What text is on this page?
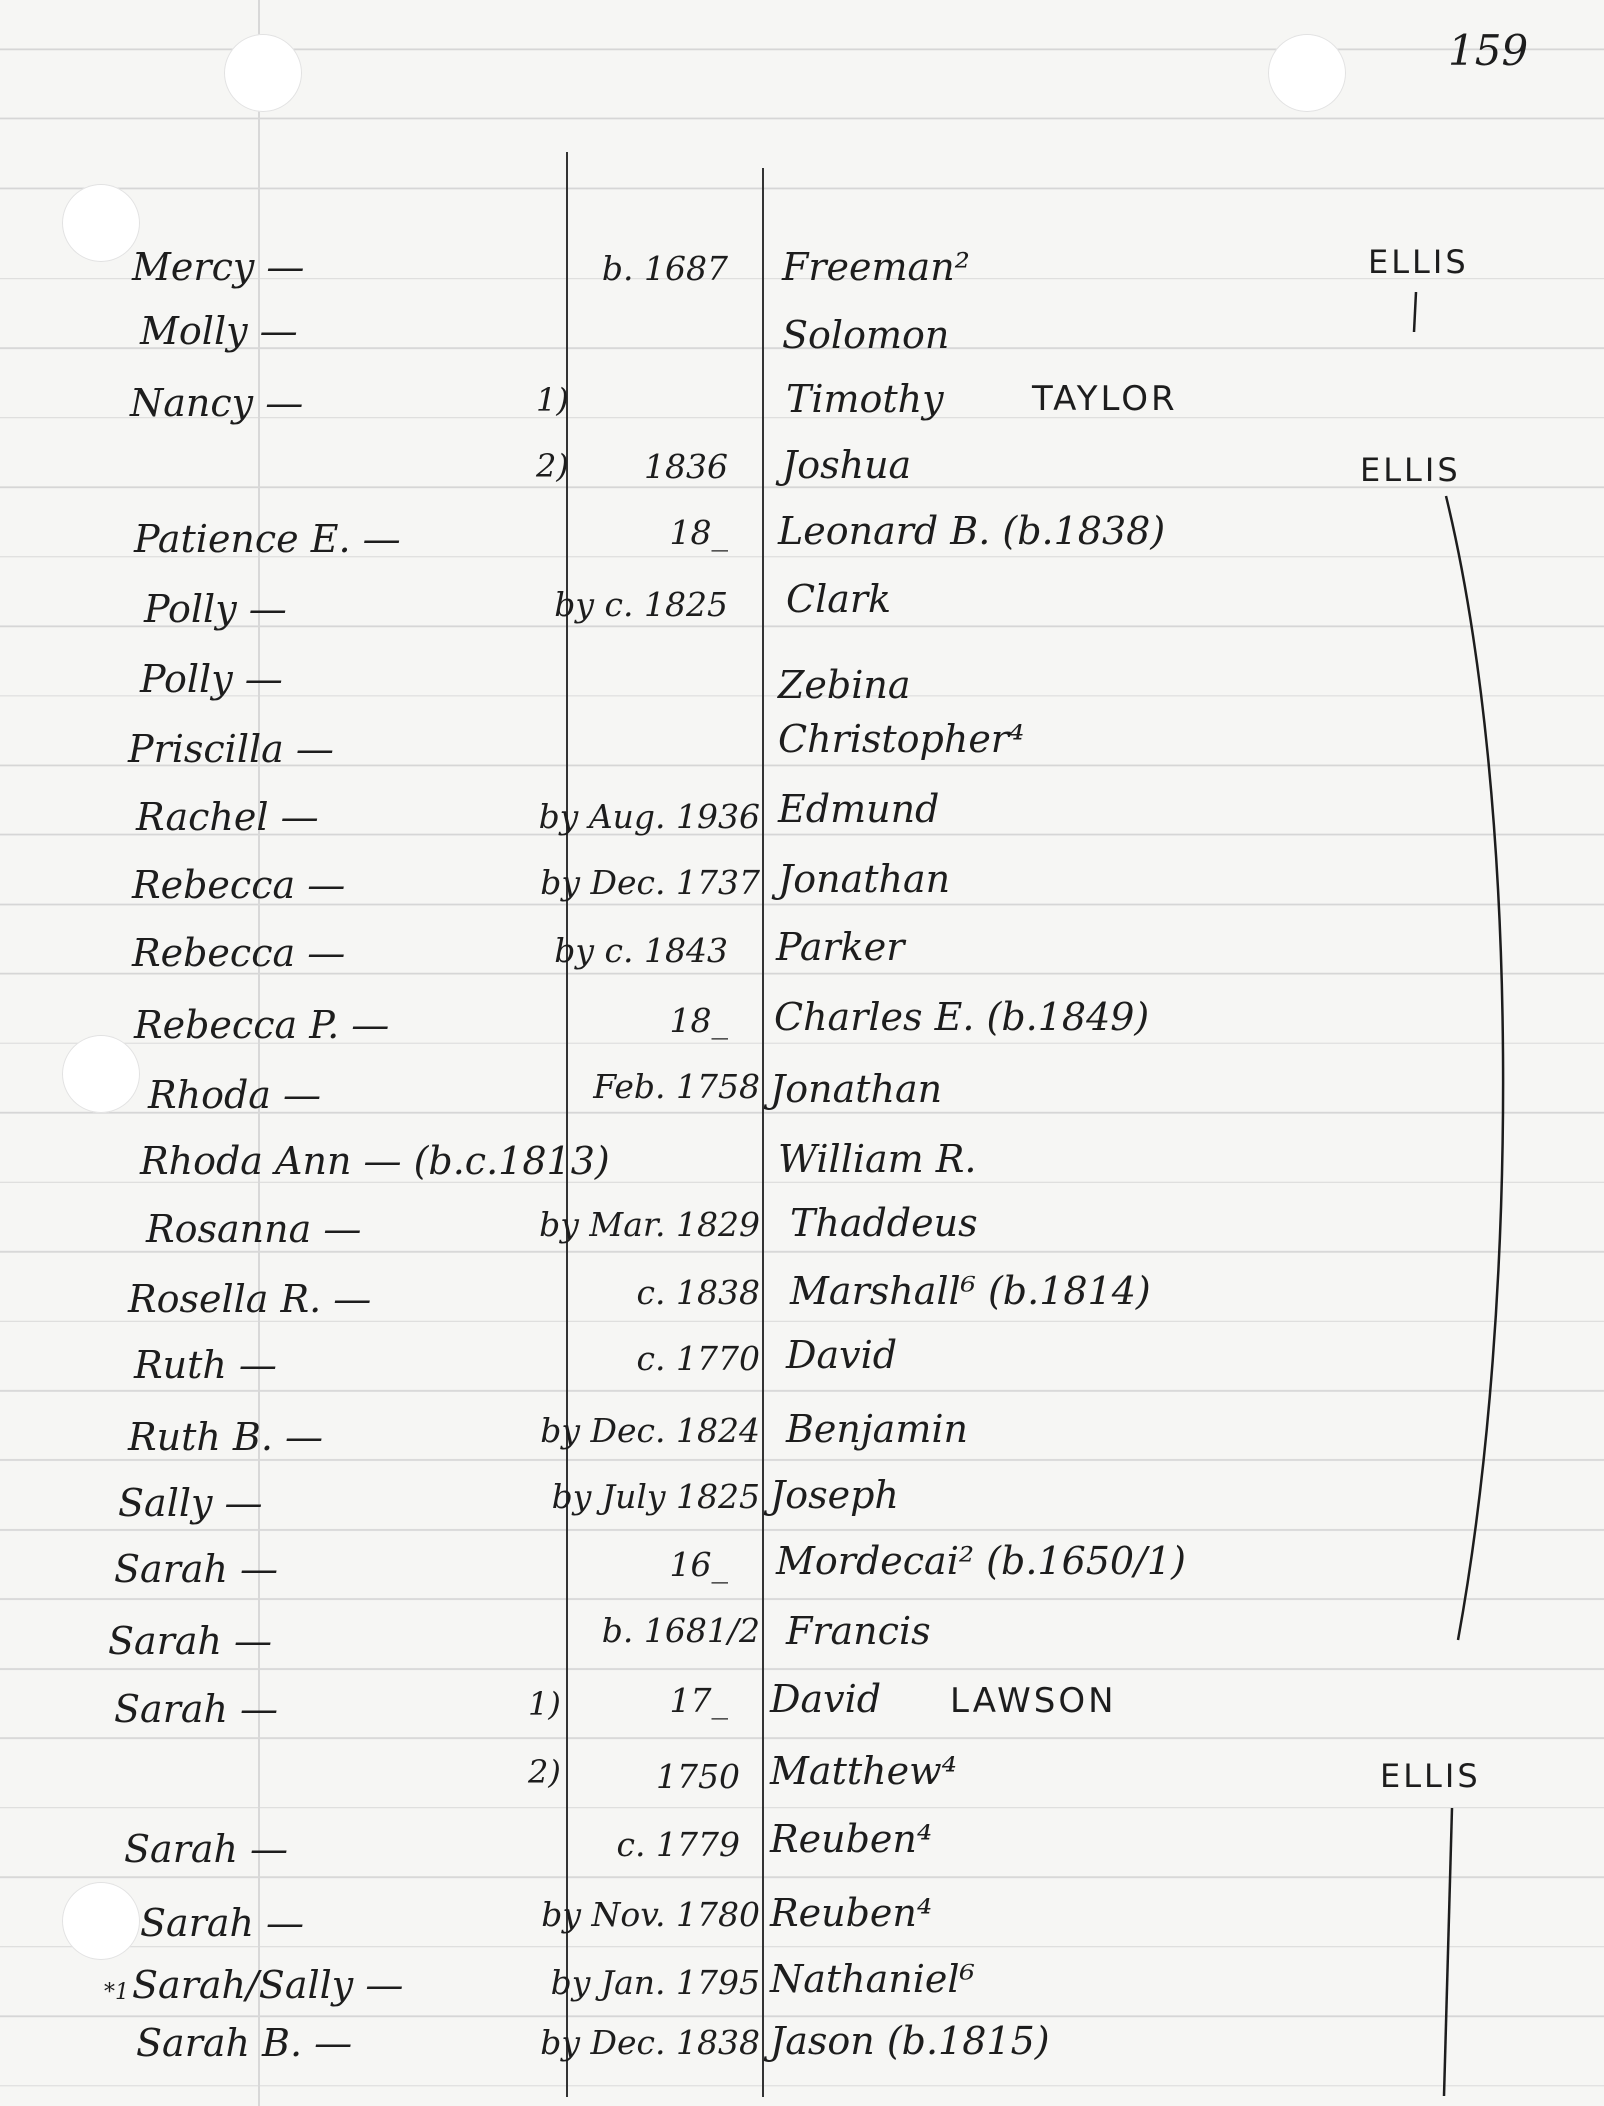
159
Mercy —	b. 1687 Freeman²
Molly —	Solomon
Nancy —	1)	Timothy	TAYLOR
2)	1836 Joshua
Patience E. —	18_ Leonard B. (b.1838)
Polly —	by c. 1825 Clark
Polly —	Zebina
Priscilla —	Christopher⁴
Rachel —	by Aug. 1936 Edmund
Rebecca —	by Dec. 1737 Jonathan
Rebecca —	by c. 1843 Parker
Rebecca P. —	18_ Charles E. (b.1849)
Rhoda —	Feb. 1758 Jonathan
Rhoda Ann — (b.c.1813)	William R.
Rosanna —	by Mar. 1829 Thaddeus
Rosella R. —	c. 1838 Marshall⁶ (b.1814)
Ruth —	c. 1770 David
Ruth B. —	by Dec. 1824 Benjamin
Sally —	by July 1825 Joseph
Sarah —	16_ Mordecai² (b.1650/1)
Sarah —	b. 1681/2 Francis
Sarah —	1)	17_ David LAWSON
2)	1750 Matthew⁴
Sarah —	c. 1779 Reuben⁴
Sarah —	by Nov. 1780 Reuben⁴
*1 Sarah/Sally —	by Jan. 1795 Nathaniel⁶
Sarah B. —	by Dec. 1838 Jason (b.1815)
ELLIS
ELLIS
ELLIS
